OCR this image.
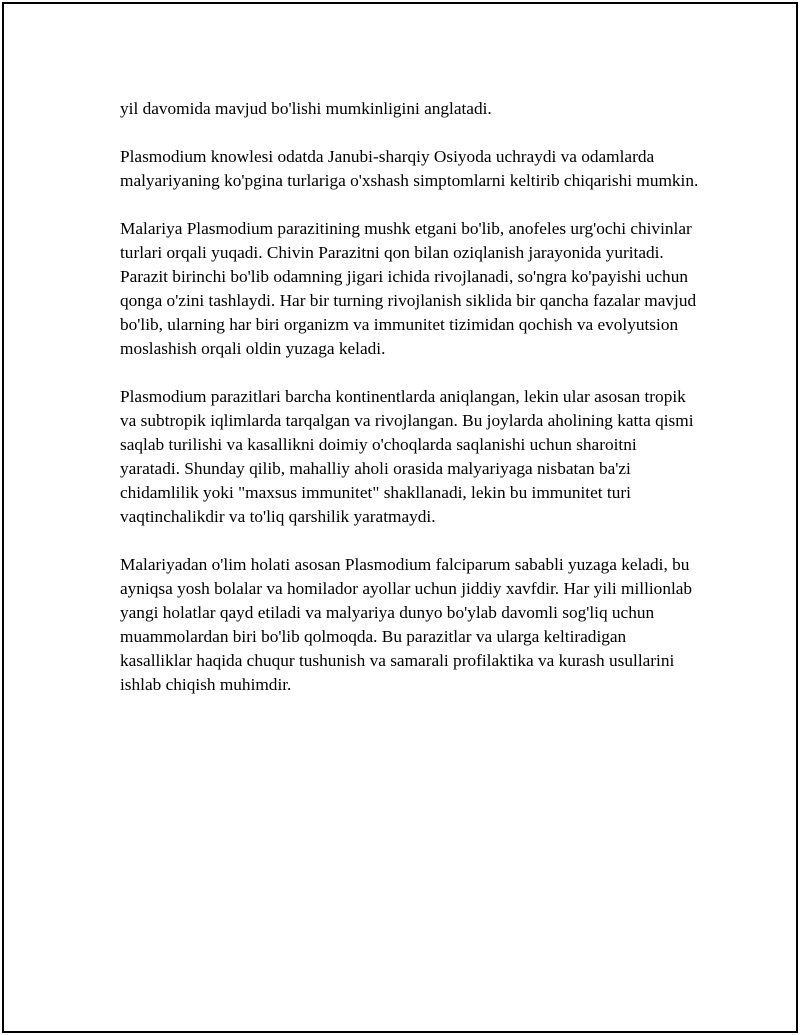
yil davomida mavjud bo'lishi mumkinligini anglatadi.

Plasmodium knowlesi odatda Janubi-sharqiy Osiyoda uchraydi va odamlarda malyariyaning ko'pgina turlariga o'xshash simptomlarni keltirib chiqarishi mumkin.

Malariya Plasmodium parazitining mushk etgani bo'lib, anofeles urg'ochi chivinlar turlari orqali yuqadi. Chivin Parazitni qon bilan oziqlanish jarayonida yuritadi. Parazit birinchi bo'lib odamning jigari ichida rivojlanadi, so'ngra ko'payishi uchun qonga o'zini tashlaydi. Har bir turning rivojlanish siklida bir qancha fazalar mavjud bo'lib, ularning har biri organizm va immunitet tizimidan qochish va evolyutsion moslashish orqali oldin yuzaga keladi.

Plasmodium parazitlari barcha kontinentlarda aniqlangan, lekin ular asosan tropik va subtropik iqlimlarda tarqalgan va rivojlangan. Bu joylarda aholining katta qismi saqlab turilishi va kasallikni doimiy o'choqlarda saqlanishi uchun sharoitni yaratadi. Shunday qilib, mahalliy aholi orasida malyariyaga nisbatan ba'zi chidamlilik yoki "maxsus immunitet" shakllanadi, lekin bu immunitet turi vaqtinchalikdir va to'liq qarshilik yaratmaydi.

Malariyadan o'lim holati asosan Plasmodium falciparum sababli yuzaga keladi, bu ayniqsa yosh bolalar va homilador ayollar uchun jiddiy xavfdir. Har yili millionlab yangi holatlar qayd etiladi va malyariya dunyo bo'ylab davomli sog'liq uchun muammolardan biri bo'lib qolmoqda. Bu parazitlar va ularga keltiradigan kasalliklar haqida chuqur tushunish va samarali profilaktika va kurash usullarini ishlab chiqish muhimdir.
